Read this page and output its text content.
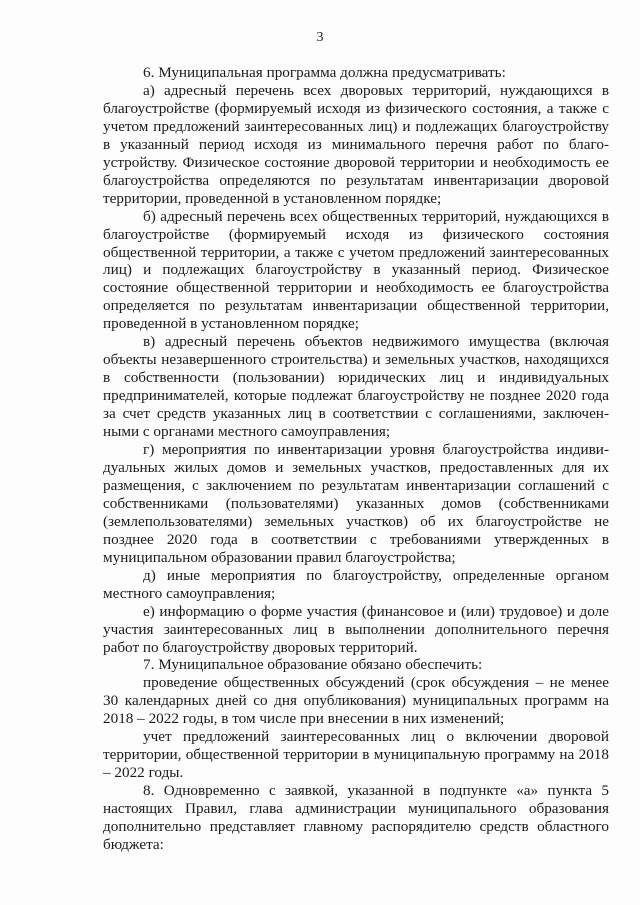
3

6. Муниципальная программа должна предусматривать:

а) адресный перечень всех дворовых территорий, нуждающихся в благоустройстве (формируемый исходя из физического состояния, а также с учетом предложений заинтересованных лиц) и подлежащих благоустройству в указанный период исходя из минимального перечня работ по благоустройству. Физическое состояние дворовой территории и необходимость ее благоустройства определяются по результатам инвентаризации дворовой территории, проведенной в установленном порядке;

б) адресный перечень всех общественных территорий, нуждающихся в благоустройстве (формируемый исходя из физического состояния общественной территории, а также с учетом предложений заинтересованных лиц) и подлежащих благоустройству в указанный период. Физическое состояние общественной территории и необходимость ее благоустройства определяется по результатам инвентаризации общественной территории, проведенной в установленном порядке;

в) адресный перечень объектов недвижимого имущества (включая объекты незавершенного строительства) и земельных участков, находящихся в собственности (пользовании) юридических лиц и индивидуальных предпринимателей, которые подлежат благоустройству не позднее 2020 года за счет средств указанных лиц в соответствии с соглашениями, заключенными с органами местного самоуправления;

г) мероприятия по инвентаризации уровня благоустройства индивидуальных жилых домов и земельных участков, предоставленных для их размещения, с заключением по результатам инвентаризации соглашений с собственниками (пользователями) указанных домов (собственниками (землепользователями) земельных участков) об их благоустройстве не позднее 2020 года в соответствии с требованиями утвержденных в муниципальном образовании правил благоустройства;

д) иные мероприятия по благоустройству, определенные органом местного самоуправления;

е) информацию о форме участия (финансовое и (или) трудовое) и доле участия заинтересованных лиц в выполнении дополнительного перечня работ по благоустройству дворовых территорий.

7. Муниципальное образование обязано обеспечить:

проведение общественных обсуждений (срок обсуждения – не менее 30 календарных дней со дня опубликования) муниципальных программ на 2018 – 2022 годы, в том числе при внесении в них изменений;

учет предложений заинтересованных лиц о включении дворовой территории, общественной территории в муниципальную программу на 2018 – 2022 годы.

8. Одновременно с заявкой, указанной в подпункте «а» пункта 5 настоящих Правил, глава администрации муниципального образования дополнительно представляет главному распорядителю средств областного бюджета:
